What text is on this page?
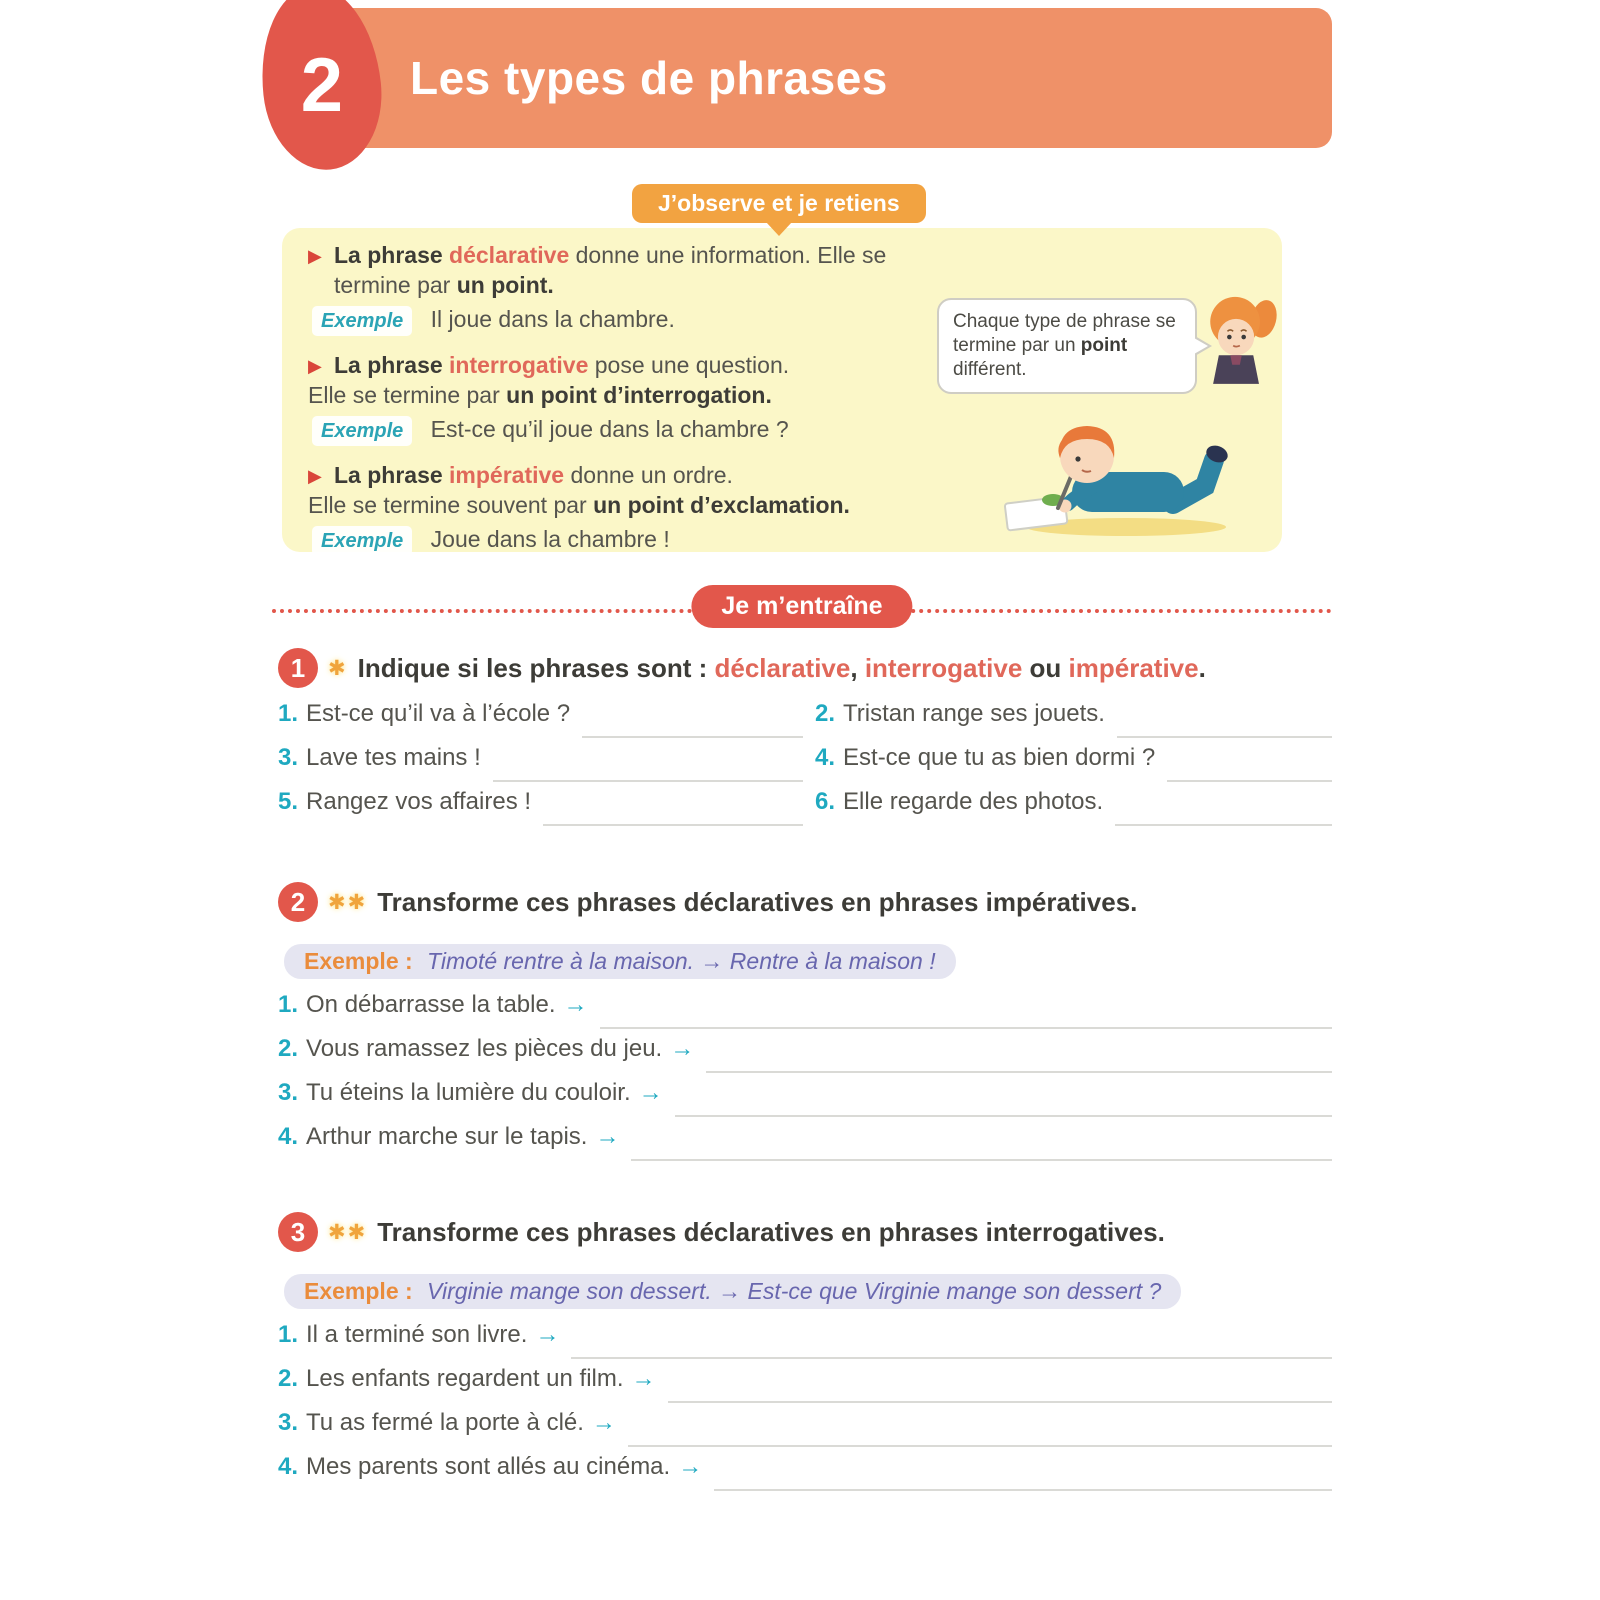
Les types de phrases
2
J’observe et je retiens
▶ La phrase déclarative donne une information. Elle se termine par un point.
Exemple Il joue dans la chambre.
▶ La phrase interrogative pose une question.
Elle se termine par un point d’interrogation.
Exemple Est-ce qu’il joue dans la chambre ?
▶ La phrase impérative donne un ordre.
Elle se termine souvent par un point d’exclamation.
Exemple Joue dans la chambre !
Chaque type de phrase se termine par un point différent.
Je m’entraîne
1	✱ Indique si les phrases sont : déclarative, interrogative ou impérative.
1. Est-ce qu’il va à l’école ?	2. Tristan range ses jouets.
3. Lave tes mains !	4. Est-ce que tu as bien dormi ?
5. Rangez vos affaires !	6. Elle regarde des photos.
2	✱✱ Transforme ces phrases déclaratives en phrases impératives.
Exemple : Timoté rentre à la maison. → Rentre à la maison !
1. On débarrasse la table. →
2. Vous ramassez les pièces du jeu. →
3. Tu éteins la lumière du couloir. →
4. Arthur marche sur le tapis. →
3	✱✱ Transforme ces phrases déclaratives en phrases interrogatives.
Exemple : Virginie mange son dessert. → Est-ce que Virginie mange son dessert ?
1. Il a terminé son livre. →
2. Les enfants regardent un film. →
3. Tu as fermé la porte à clé. →
4. Mes parents sont allés au cinéma. →
